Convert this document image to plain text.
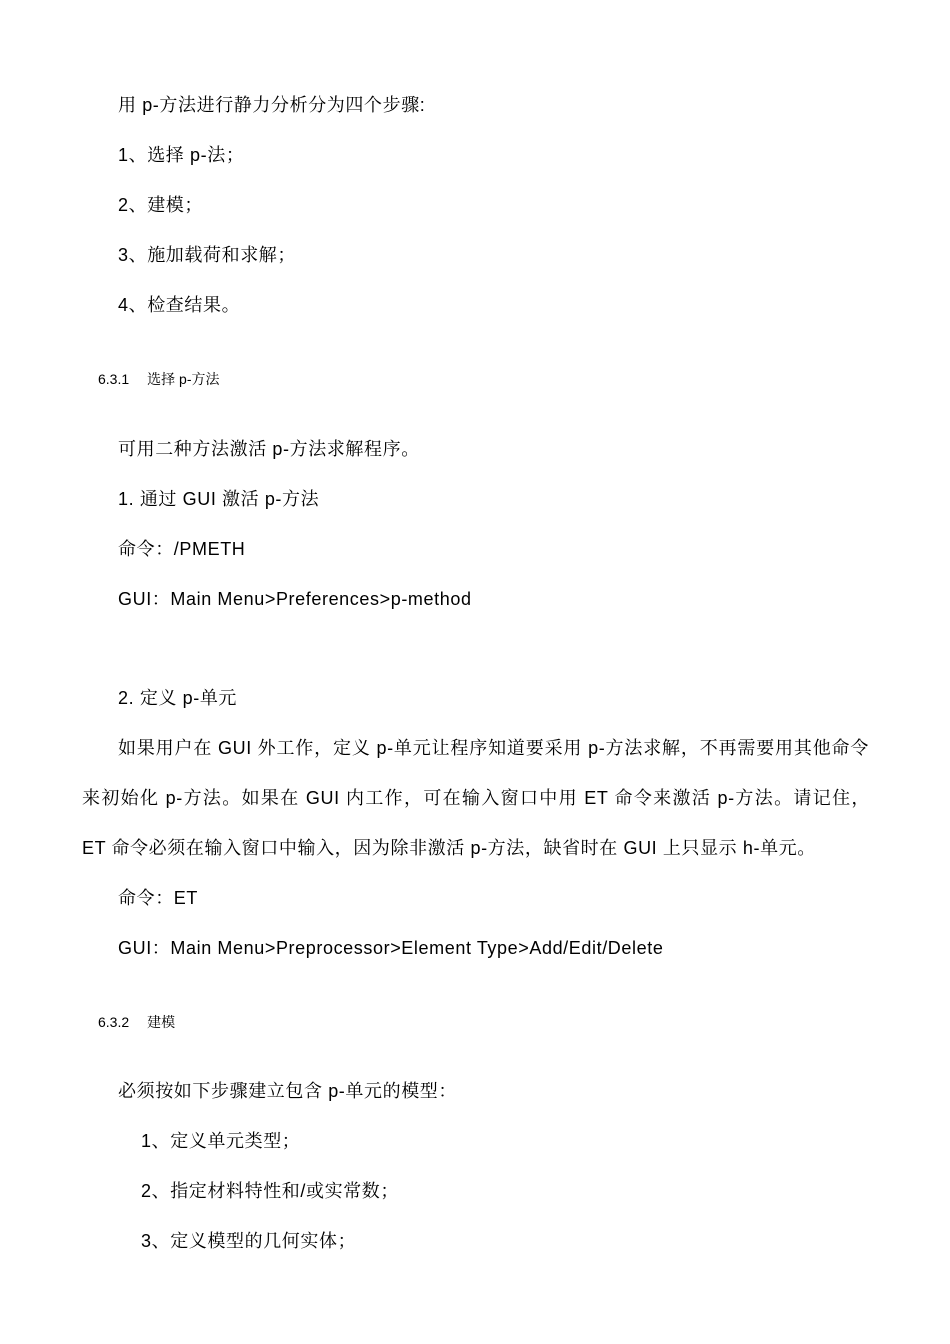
用 p-方法进行静力分析分为四个步骤:
1、选择 p-法；
2、建模；
3、施加载荷和求解；
4、检查结果。
6.3.1 选择 p-方法
可用二种方法激活 p-方法求解程序。
1. 通过 GUI 激活 p-方法
命令：/PMETH
GUI：Main Menu>Preferences>p-method
2. 定义 p-单元
如果用户在 GUI 外工作，定义 p-单元让程序知道要采用 p-方法求解，不再需要用其他命令
来初始化 p-方法。如果在 GUI 内工作，可在输入窗口中用 ET 命令来激活 p-方法。请记住，
ET 命令必须在输入窗口中输入，因为除非激活 p-方法，缺省时在 GUI 上只显示 h-单元。
命令：ET
GUI：Main Menu>Preprocessor>Element Type>Add/Edit/Delete
6.3.2 建模
必须按如下步骤建立包含 p-单元的模型：
1、定义单元类型；
2、指定材料特性和/或实常数；
3、定义模型的几何实体；
